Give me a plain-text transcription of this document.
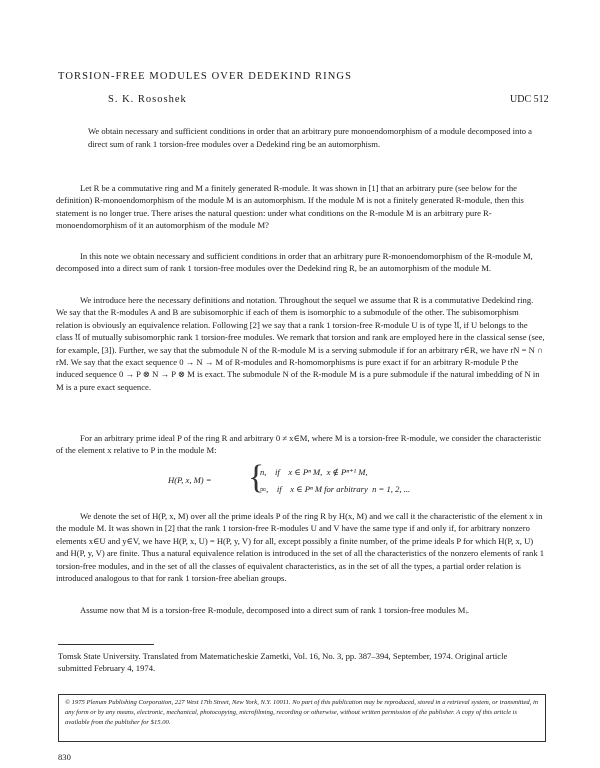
TORSION-FREE MODULES OVER DEDEKIND RINGS
S. K. Rososhek	UDC 512
We obtain necessary and sufficient conditions in order that an arbitrary pure monoendomorphism of a module decomposed into a direct sum of rank 1 torsion-free modules over a Dedekind ring be an automorphism.

Let R be a commutative ring and M a finitely generated R-module. It was shown in [1] that an arbitrary pure (see below for the definition) R-monoendomorphism of the module M is an automorphism. If the module M is not a finitely generated R-module, then this statement is no longer true. There arises the natural question: under what conditions on the R-module M is an arbitrary pure R-monoendomorphism of it an automorphism of the module M?

In this note we obtain necessary and sufficient conditions in order that an arbitrary pure R-monoendomorphism of the R-module M, decomposed into a direct sum of rank 1 torsion-free modules over the Dedekind ring R, be an automorphism of the module M.

We introduce here the necessary definitions and notation. Throughout the sequel we assume that R is a commutative Dedekind ring. We say that the R-modules A and B are subisomorphic if each of them is isomorphic to a submodule of the other. The subisomorphism relation is obviously an equivalence relation. Following [2] we say that a rank 1 torsion-free R-module U is of type 𝔘, if U belongs to the class 𝔘 of mutually subisomorphic rank 1 torsion-free modules. We remark that torsion and rank are employed here in the classical sense (see, for example, [3]). Further, we say that the submodule N of the R-module M is a serving submodule if for an arbitrary r∈R, we have rN = N ∩ rM. We say that the exact sequence 0 → N → M of R-modules and R-homomorphisms is pure exact if for an arbitrary R-module P the induced sequence 0 → P ⊗ N → P ⊗ M is exact. The submodule N of the R-module M is a pure submodule if the natural imbedding of N in M is a pure exact sequence.

For an arbitrary prime ideal P of the ring R and arbitrary 0 ≠ x∈M, where M is a torsion-free R-module, we consider the characteristic of the element x relative to P in the module M:

H(P, x, M) = {
n,    if    x ∈ Pⁿ M,  x ∉ Pⁿ⁺¹ M,
∞,    if    x ∈ Pⁿ M for arbitrary  n = 1, 2, ...

We denote the set of H(P, x, M) over all the prime ideals P of the ring R by H(x, M) and we call it the characteristic of the element x in the module M. It was shown in [2] that the rank 1 torsion-free R-modules U and V have the same type if and only if, for arbitrary nonzero elements x∈U and y∈V, we have H(P, x, U) = H(P, y, V) for all, except possibly a finite number, of the prime ideals P for which H(P, x, U) and H(P, y, V) are finite. Thus a natural equivalence relation is introduced in the set of all the characteristics of the nonzero elements of rank 1 torsion-free modules, and in the set of all the classes of equivalent characteristics, as in the set of all the types, a partial order relation is introduced analogous to that for rank 1 torsion-free abelian groups.

Assume now that M is a torsion-free R-module, decomposed into a direct sum of rank 1 torsion-free modules Mᵢ.

Tomsk State University. Translated from Matematicheskie Zametki, Vol. 16, No. 3, pp. 387–394, September, 1974. Original article submitted February 4, 1974.
© 1975 Plenum Publishing Corporation, 227 West 17th Street, New York, N.Y. 10011. No part of this publication may be reproduced, stored in a retrieval system, or transmitted, in any form or by any means, electronic, mechanical, photocopying, microfilming, recording or otherwise, without written permission of the publisher. A copy of this article is available from the publisher for $15.00.
830
